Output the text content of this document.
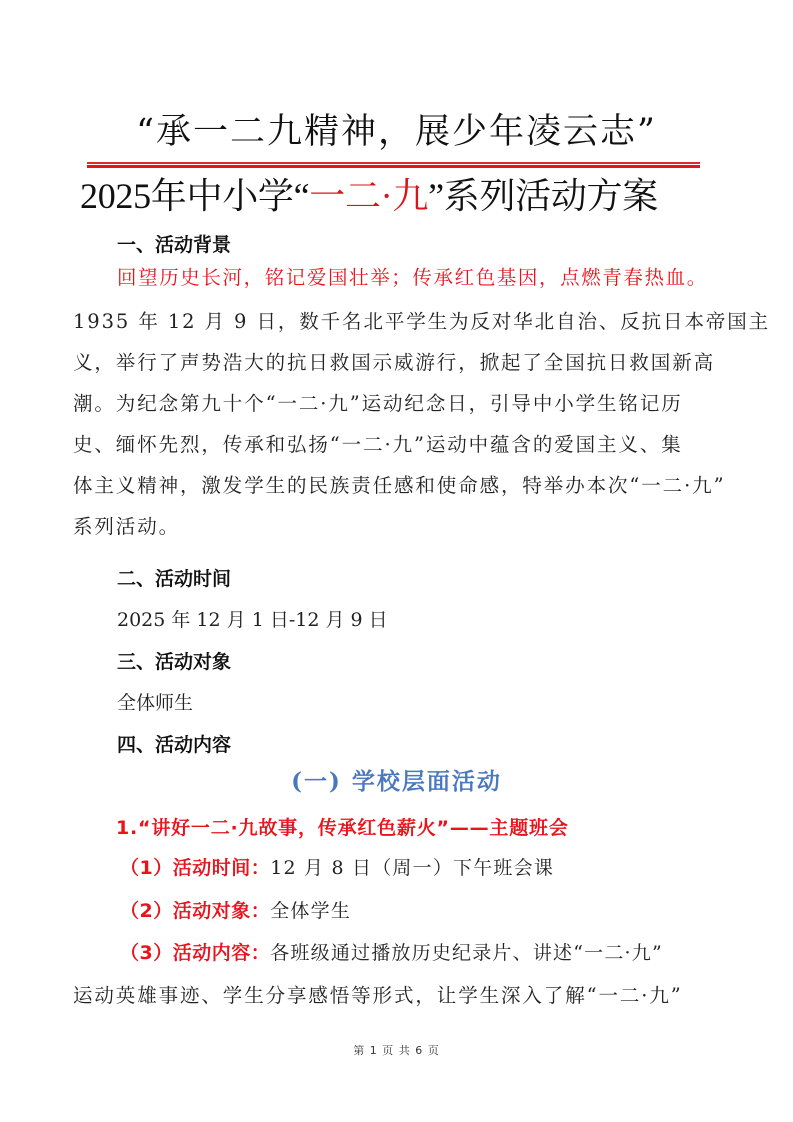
“承一二九精神，展少年凌云志”
2025年中小学“一二·九”系列活动方案
一、活动背景
回望历史长河，铭记爱国壮举；传承红色基因，点燃青春热血。
1935 年 12 月 9 日，数千名北平学生为反对华北自治、反抗日本帝国主
义，举行了声势浩大的抗日救国示威游行，掀起了全国抗日救国新高
潮。为纪念第九十个“一二·九”运动纪念日，引导中小学生铭记历
史、缅怀先烈，传承和弘扬“一二·九”运动中蕴含的爱国主义、集
体主义精神，激发学生的民族责任感和使命感，特举办本次“一二·九”
系列活动。
二、活动时间
2025 年 12 月 1 日-12 月 9 日
三、活动对象
全体师生
四、活动内容
(一) 学校层面活动
1.“讲好一二·九故事，传承红色薪火”——主题班会
（1）活动时间：12 月 8 日（周一）下午班会课
（2）活动对象：全体学生
（3）活动内容：各班级通过播放历史纪录片、讲述“一二·九”
运动英雄事迹、学生分享感悟等形式，让学生深入了解“一二·九”
第 1 页 共 6 页
